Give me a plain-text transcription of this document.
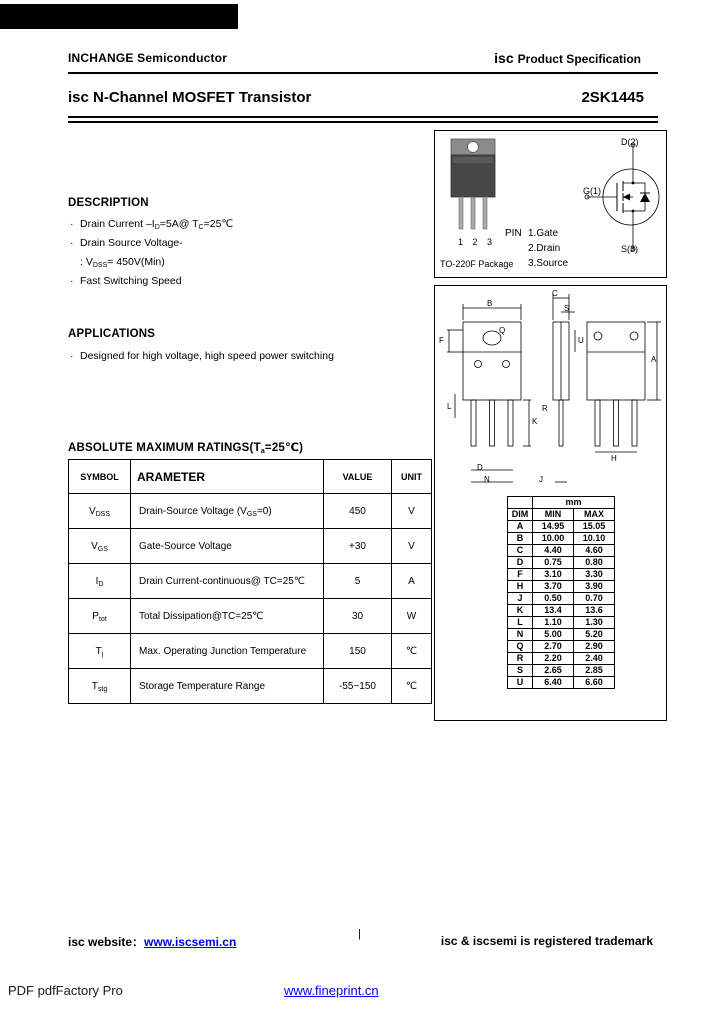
INCHANGE Semiconductor	isc Product Specification
isc N-Channel MOSFET Transistor	2SK1445
1 2 3
TO-220F Package
PIN 1.Gate
2.Drain
3.Source
D(2)
G(1)
S(3)
DESCRIPTION
· Drain Current $-I_D=5A@$ $T_C=25℃$
· Drain Source Voltage-
: $V_{DSS}= 450V(Min)$
· Fast Switching Speed
APPLICATIONS
· Designed for high voltage, high speed power switching
ABSOLUTE MAXIMUM $RATINGS(T_a=25℃)$
SYMBOL	ARAMETER	VALUE	UNIT
$V_{DSS}$	Drain-Source Voltage $(V_{GS}=0)$	450	V
$V_{GS}$	Gate-Source Voltage	+30	V
$I_D$	Drain Current-continuous@ TC=25℃	5	A
$P_{tot}$	Total Dissipation@TC=25℃	30	W
$T_j$	Max. Operating Junction Temperature	150	℃
$T_{stg}$	Storage Temperature Range	-55~150	℃
	mm	
DIM	MIN	MAX
A	14.95	15.05
B	10.00	10.10
C	4.40	4.60
D	0.75	0.80
F	3.10	3.30
H	3.70	3.90
J	0.50	0.70
K	13.4	13.6
L	1.10	1.30
N	5.00	5.20
Q	2.70	2.90
R	2.20	2.40
S	2.65	2.85
U	6.40	6.60
B
C
S
Q
F	U
A
L	R
K
D
N	J
H
isc website：www.iscsemi.cn
|	isc & iscsemi is registered trademark
PDF pdfFactory Pro	www.fineprint.cn
